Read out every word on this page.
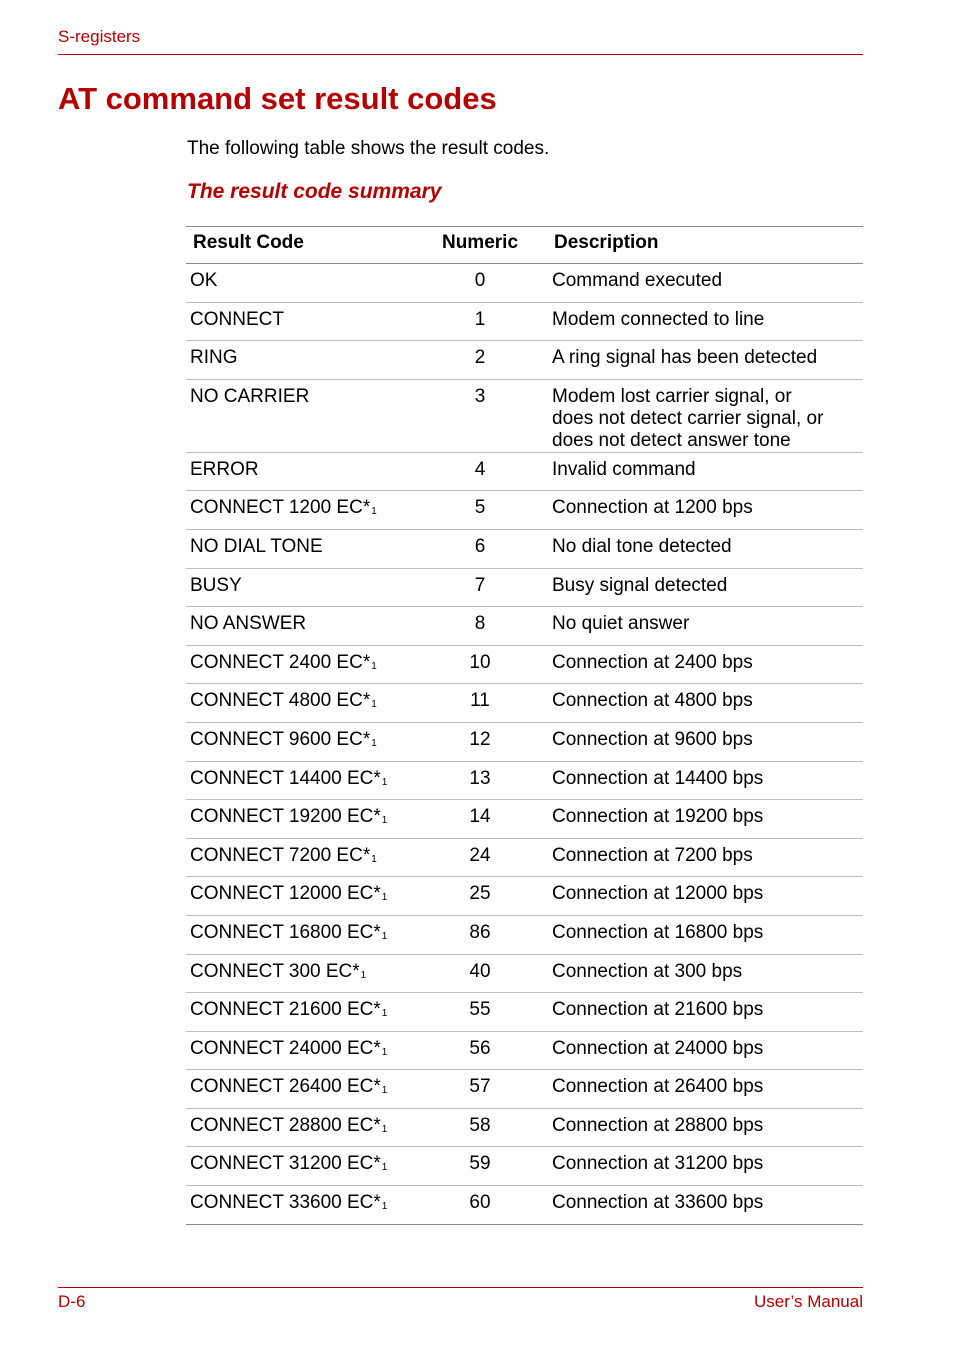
S-registers
AT command set result codes
The following table shows the result codes.
The result code summary
Result Code	Numeric	Description
OK	0	Command executed
CONNECT	1	Modem connected to line
RING	2	A ring signal has been detected
NO CARRIER	3	Modem lost carrier signal, or
does not detect carrier signal, or
does not detect answer tone

ERROR	4	Invalid command
CONNECT 1200 EC*1	5	Connection at 1200 bps
NO DIAL TONE	6	No dial tone detected
BUSY	7	Busy signal detected
NO ANSWER	8	No quiet answer
CONNECT 2400 EC*1	10	Connection at 2400 bps
CONNECT 4800 EC*1	11	Connection at 4800 bps
CONNECT 9600 EC*1	12	Connection at 9600 bps
CONNECT 14400 EC*1	13	Connection at 14400 bps
CONNECT 19200 EC*1	14	Connection at 19200 bps
CONNECT 7200 EC*1	24	Connection at 7200 bps
CONNECT 12000 EC*1	25	Connection at 12000 bps
CONNECT 16800 EC*1	86	Connection at 16800 bps
CONNECT 300 EC*1	40	Connection at 300 bps
CONNECT 21600 EC*1	55	Connection at 21600 bps
CONNECT 24000 EC*1	56	Connection at 24000 bps
CONNECT 26400 EC*1	57	Connection at 26400 bps
CONNECT 28800 EC*1	58	Connection at 28800 bps
CONNECT 31200 EC*1	59	Connection at 31200 bps
CONNECT 33600 EC*1	60	Connection at 33600 bps
D-6	User’s Manual
